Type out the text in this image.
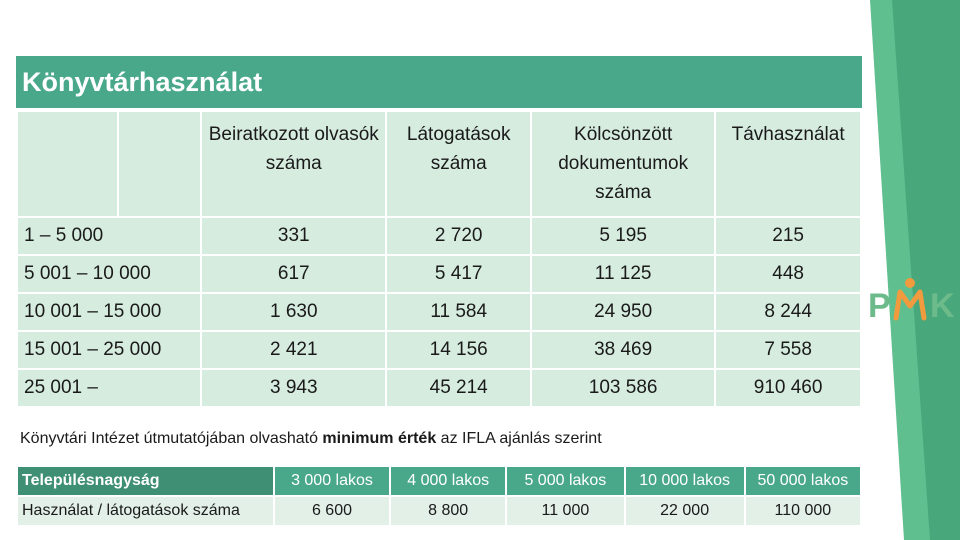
Könyvtárhasználat
		Beiratkozott olvasók száma	Látogatások száma	Kölcsönzött dokumentumok száma	Távhasználat
1 – 5 000		331	2 720	5 195	215
5 001 – 10 000		617	5 417	11 125	448
10 001 – 15 000		1 630	11 584	24 950	8 244
15 001 – 25 000		2 421	14 156	38 469	7 558
25 001 –		3 943	45 214	103 586	910 460
Könyvtári Intézet útmutatójában olvasható minimum érték az IFLA ajánlás szerint
Településnagyság	3 000 lakos	4 000 lakos	5 000 lakos	10 000 lakos	50 000 lakos
Használat / látogatások száma	6 600	8 800	11 000	22 000	110 000
P K
